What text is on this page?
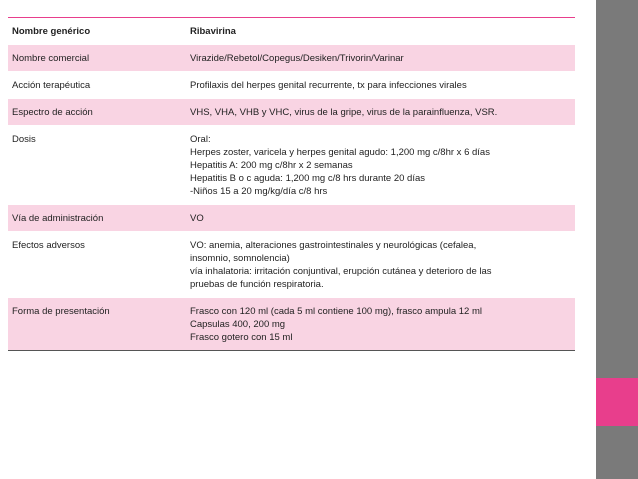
Nombre genérico	Ribavirina

Nombre comercial	Virazide/Rebetol/Copegus/Desiken/Trivorin/Varinar

Acción terapéutica	Profilaxis del herpes genital recurrente, tx para infecciones virales

Espectro de acción	VHS, VHA, VHB y VHC, virus de la gripe, virus de la parainfluenza, VSR.

Dosis	Oral:
Herpes zoster, varicela y herpes genital agudo: 1,200 mg c/8hr x 6 días
Hepatitis A: 200 mg c/8hr x 2 semanas
Hepatitis B o c aguda: 1,200 mg c/8 hrs durante 20 días
-Niños 15 a 20 mg/kg/día c/8 hrs

Vía de administración	VO

Efectos adversos	VO: anemia, alteraciones gastrointestinales y neurológicas (cefalea,
insomnio, somnolencia)
vía inhalatoria: irritación conjuntival, erupción cutánea y deterioro de las
pruebas de función respiratoria.

Forma de presentación	Frasco con 120 ml (cada 5 ml contiene 100 mg), frasco ampula 12 ml
Capsulas 400, 200 mg
Frasco gotero con 15 ml
